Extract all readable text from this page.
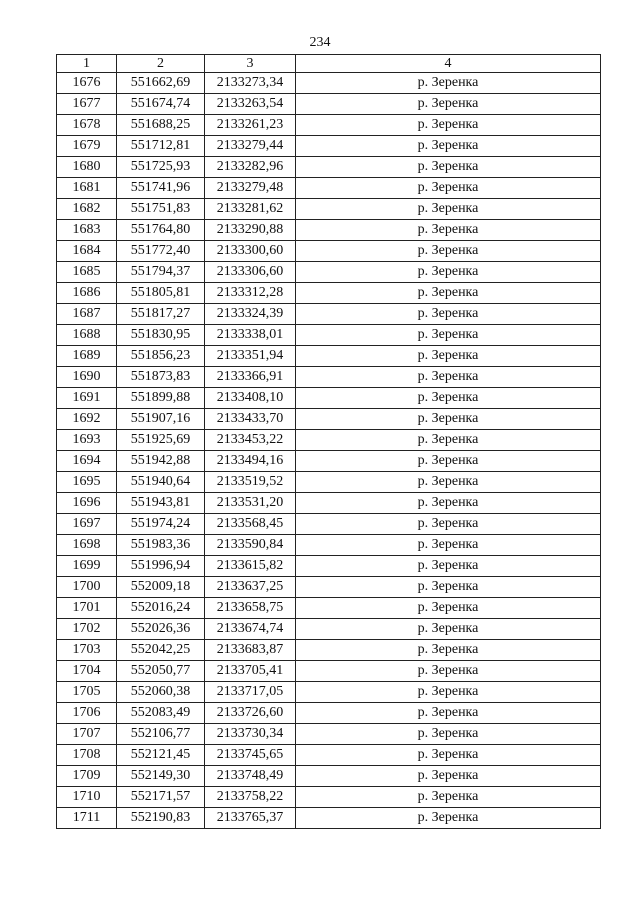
234
1	2	3	4
1676	551662,69	2133273,34	р. Зеренка
1677	551674,74	2133263,54	р. Зеренка
1678	551688,25	2133261,23	р. Зеренка
1679	551712,81	2133279,44	р. Зеренка
1680	551725,93	2133282,96	р. Зеренка
1681	551741,96	2133279,48	р. Зеренка
1682	551751,83	2133281,62	р. Зеренка
1683	551764,80	2133290,88	р. Зеренка
1684	551772,40	2133300,60	р. Зеренка
1685	551794,37	2133306,60	р. Зеренка
1686	551805,81	2133312,28	р. Зеренка
1687	551817,27	2133324,39	р. Зеренка
1688	551830,95	2133338,01	р. Зеренка
1689	551856,23	2133351,94	р. Зеренка
1690	551873,83	2133366,91	р. Зеренка
1691	551899,88	2133408,10	р. Зеренка
1692	551907,16	2133433,70	р. Зеренка
1693	551925,69	2133453,22	р. Зеренка
1694	551942,88	2133494,16	р. Зеренка
1695	551940,64	2133519,52	р. Зеренка
1696	551943,81	2133531,20	р. Зеренка
1697	551974,24	2133568,45	р. Зеренка
1698	551983,36	2133590,84	р. Зеренка
1699	551996,94	2133615,82	р. Зеренка
1700	552009,18	2133637,25	р. Зеренка
1701	552016,24	2133658,75	р. Зеренка
1702	552026,36	2133674,74	р. Зеренка
1703	552042,25	2133683,87	р. Зеренка
1704	552050,77	2133705,41	р. Зеренка
1705	552060,38	2133717,05	р. Зеренка
1706	552083,49	2133726,60	р. Зеренка
1707	552106,77	2133730,34	р. Зеренка
1708	552121,45	2133745,65	р. Зеренка
1709	552149,30	2133748,49	р. Зеренка
1710	552171,57	2133758,22	р. Зеренка
1711	552190,83	2133765,37	р. Зеренка
